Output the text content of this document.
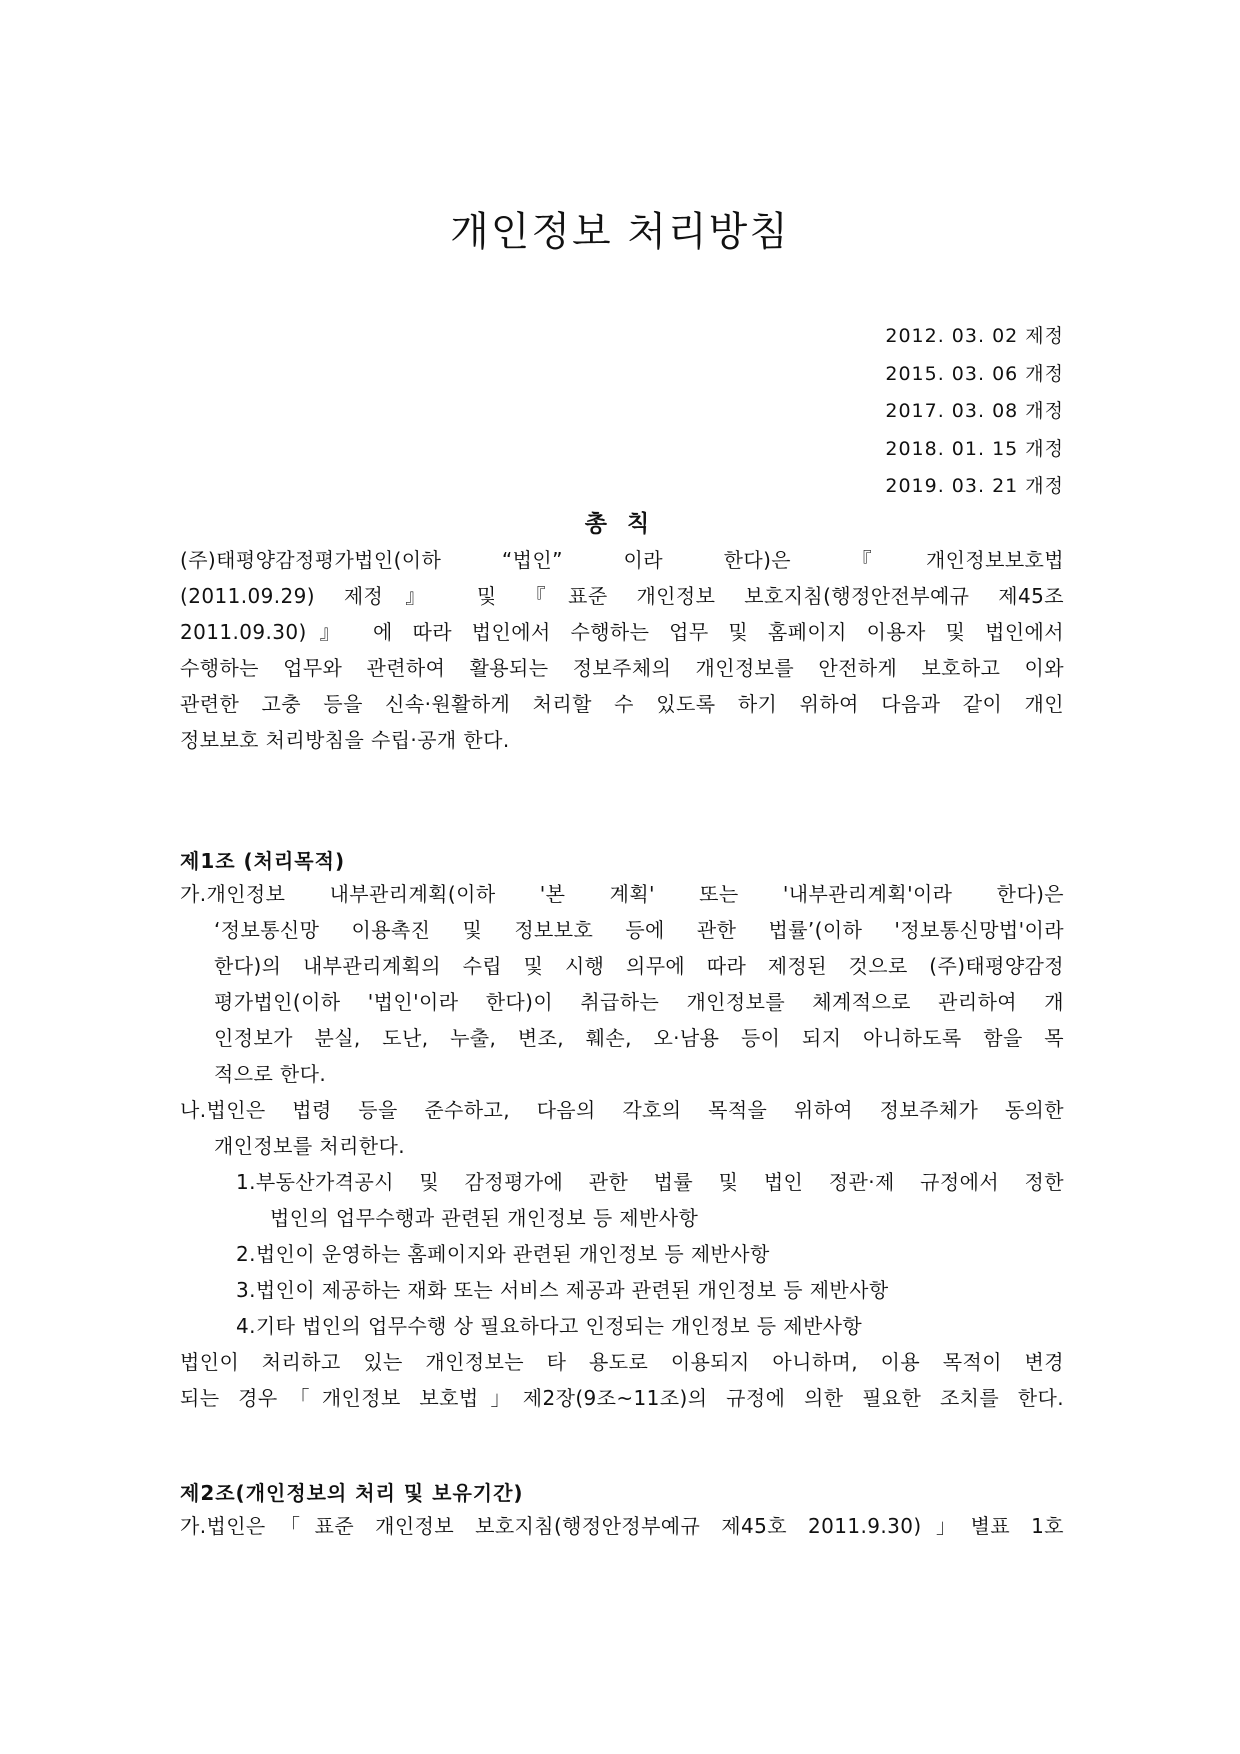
개인정보 처리방침
2012. 03. 02 제정
2015. 03. 06 개정
2017. 03. 08 개정
2018. 01. 15 개정
2019. 03. 21 개정
총 칙
(주)태평양감정평가법인(이하 “법인” 이라 한다)은 『개인정보보호법
(2011.09.29) 제정』 및 『표준 개인정보 보호지침(행정안전부예규 제45조
2011.09.30)』 에 따라 법인에서 수행하는 업무 및 홈페이지 이용자 및 법인에서
수행하는 업무와 관련하여 활용되는 정보주체의 개인정보를 안전하게 보호하고 이와
관련한 고충 등을 신속·원활하게 처리할 수 있도록 하기 위하여 다음과 같이 개인
정보보호 처리방침을 수립·공개 한다.
제1조 (처리목적)
가.개인정보 내부관리계획(이하 '본 계획' 또는 '내부관리계획'이라 한다)은
‘정보통신망 이용촉진 및 정보보호 등에 관한 법률’(이하 '정보통신망법'이라
한다)의 내부관리계획의 수립 및 시행 의무에 따라 제정된 것으로 (주)태평양감정
평가법인(이하 '법인'이라 한다)이 취급하는 개인정보를 체계적으로 관리하여 개
인정보가 분실, 도난, 누출, 변조, 훼손, 오·남용 등이 되지 아니하도록 함을 목
적으로 한다.
나.법인은 법령 등을 준수하고, 다음의 각호의 목적을 위하여 정보주체가 동의한
개인정보를 처리한다.
1.부동산가격공시 및 감정평가에 관한 법률 및 법인 정관·제 규정에서 정한
법인의 업무수행과 관련된 개인정보 등 제반사항
2.법인이 운영하는 홈페이지와 관련된 개인정보 등 제반사항
3.법인이 제공하는 재화 또는 서비스 제공과 관련된 개인정보 등 제반사항
4.기타 법인의 업무수행 상 필요하다고 인정되는 개인정보 등 제반사항
법인이 처리하고 있는 개인정보는 타 용도로 이용되지 아니하며, 이용 목적이 변경
되는 경우「개인정보 보호법」제2장(9조~11조)의 규정에 의한 필요한 조치를 한다.
제2조(개인정보의 처리 및 보유기간)
가.법인은「표준 개인정보 보호지침(행정안정부예규 제45호 2011.9.30)」별표 1호
